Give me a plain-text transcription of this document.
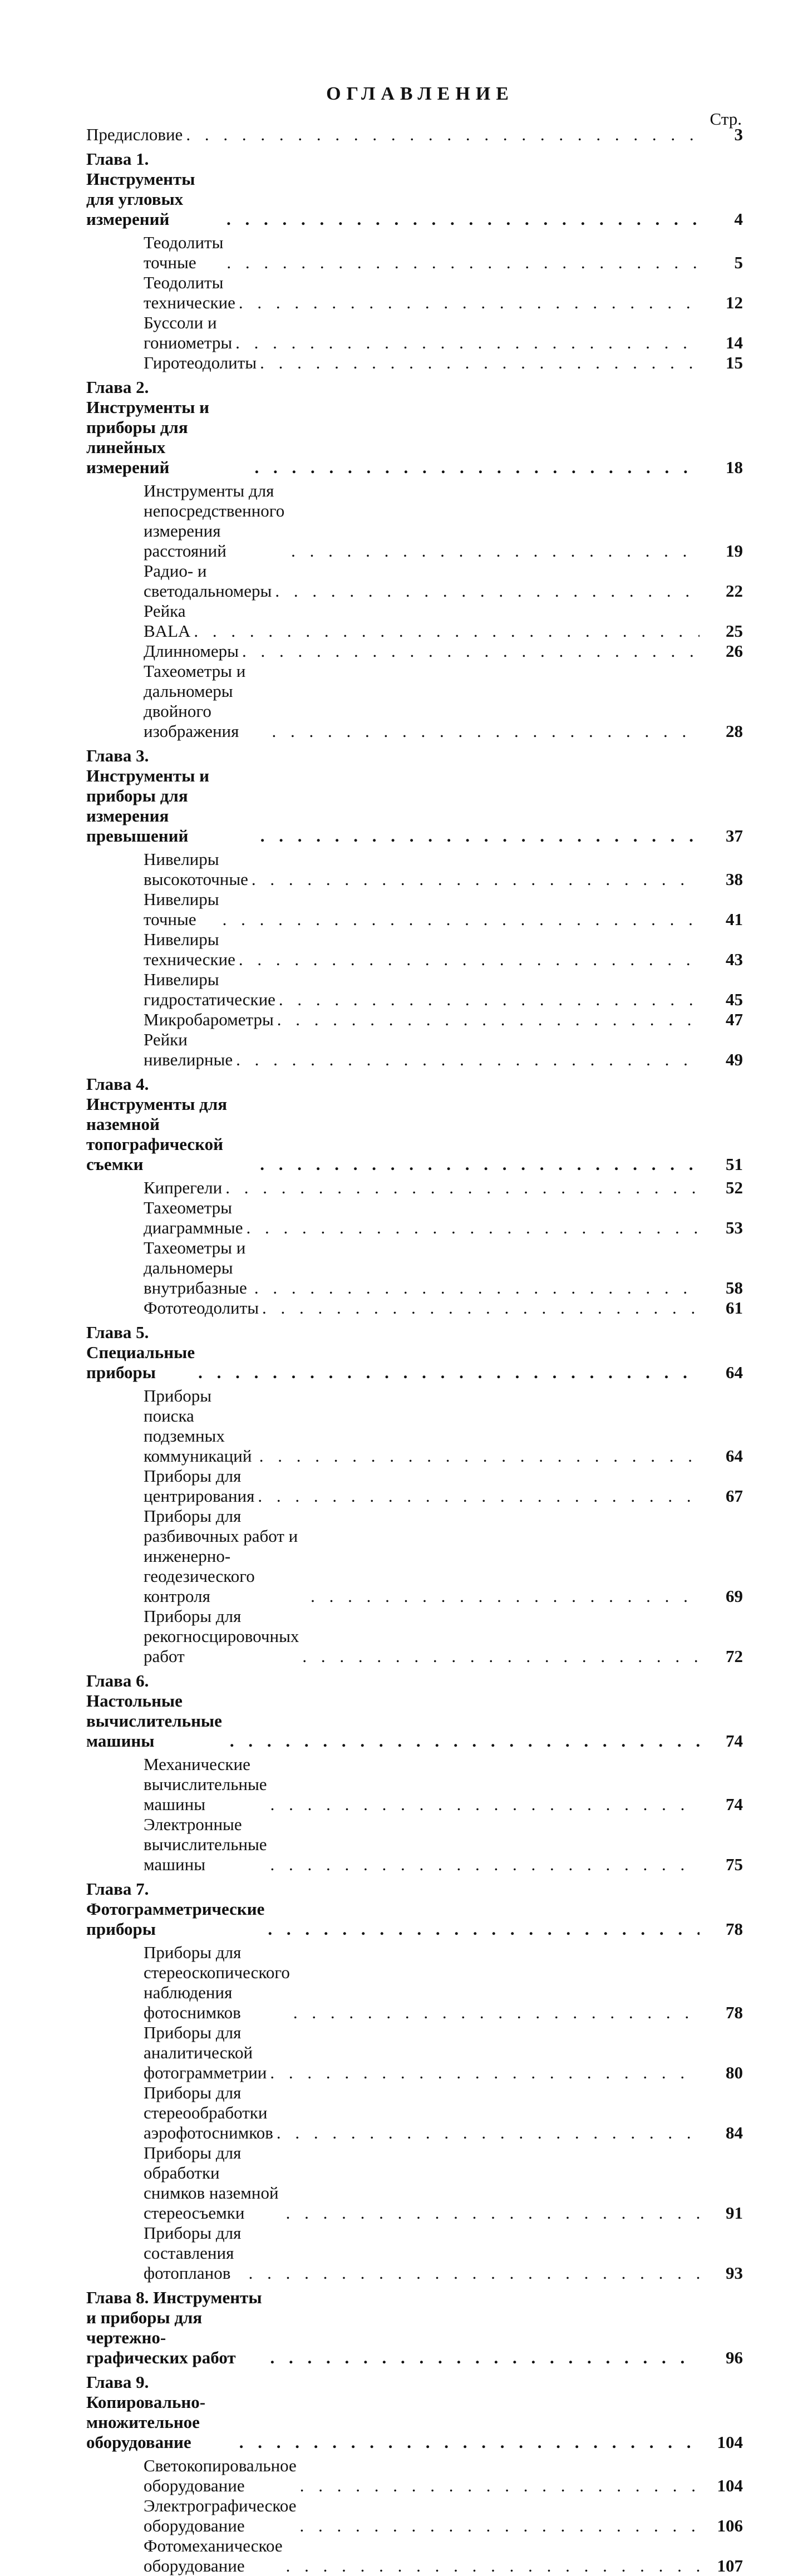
ОГЛАВЛЕНИЕ
Стр.
Предисловие . . .	3
Глава 1. Инструменты для угловых измерений . . .	4
Теодолиты точные . . .	5
Теодолиты технические . . .	12
Буссоли и гониометры . . .	14
Гиротеодолиты . . .	15
Глава 2. Инструменты и приборы для линейных измерений . . .	18
Инструменты для непосредственного измерения расстояний . . .	19
Радио- и светодальномеры . . .	22
Рейка BALA . . .	25
Длинномеры . . .	26
Тахеометры и дальномеры двойного изображения . . .	28
Глава 3. Инструменты и приборы для измерения превышений . . .	37
Нивелиры высокоточные . . .	38
Нивелиры точные . . .	41
Нивелиры технические . . .	43
Нивелиры гидростатические . . .	45
Микробарометры . . .	47
Рейки нивелирные . . .	49
Глава 4. Инструменты для наземной топографической съемки . . .	51
Кипрегели . . .	52
Тахеометры диаграммные . . .	53
Тахеометры и дальномеры внутрибазные . . .	58
Фототеодолиты . . .	61
Глава 5. Специальные приборы . . .	64
Приборы поиска подземных коммуникаций . . .	64
Приборы для центрирования . . .	67
Приборы для разбивочных работ и инженерно-геодезического контроля . . .	69
Приборы для рекогносцировочных работ . . .	72
Глава 6. Настольные вычислительные машины . . .	74
Механические вычислительные машины . . .	74
Электронные вычислительные машины . . .	75
Глава 7. Фотограмметрические приборы . . .	78
Приборы для стереоскопического наблюдения фотоснимков . . .	78
Приборы для аналитической фотограмметрии . . .	80
Приборы для стереообработки аэрофотоснимков . . .	84
Приборы для обработки снимков наземной стереосъемки . . .	91
Приборы для составления фотопланов . . .	93
Глава 8. Инструменты и приборы для чертежно-графических работ . . .	96
Глава 9. Копировально-множительное оборудование . . .	104
Светокопировальное оборудование . . .	104
Электрографическое оборудование . . .	106
Фотомеханическое оборудование . . .	107
